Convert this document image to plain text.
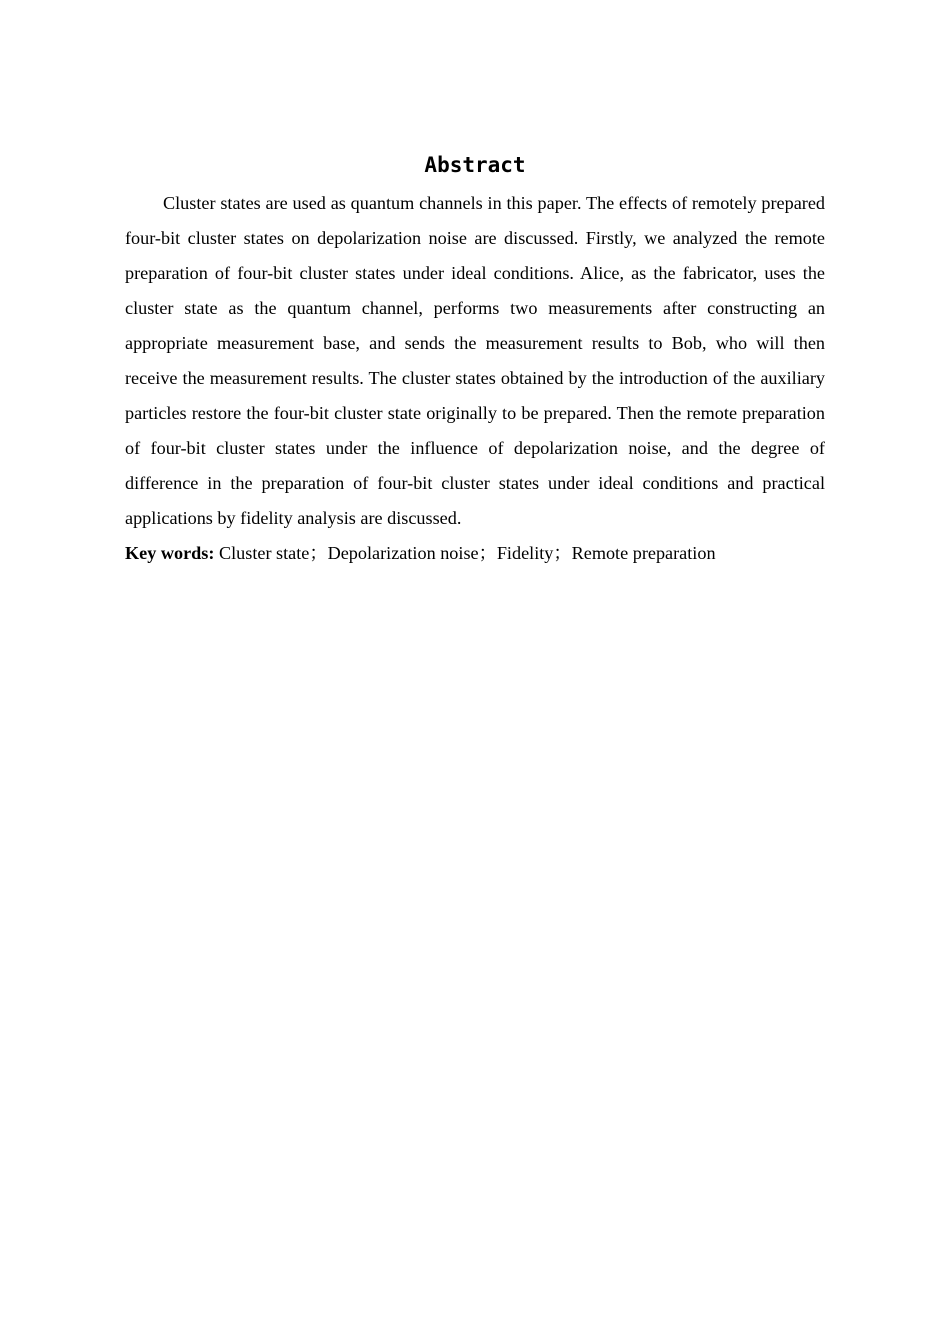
Abstract

Cluster states are used as quantum channels in this paper. The effects of remotely prepared four-bit cluster states on depolarization noise are discussed. Firstly, we analyzed the remote preparation of four-bit cluster states under ideal conditions. Alice, as the fabricator, uses the cluster state as the quantum channel, performs two measurements after constructing an appropriate measurement base, and sends the measurement results to Bob, who will then receive the measurement results. The cluster states obtained by the introduction of the auxiliary particles restore the four-bit cluster state originally to be prepared. Then the remote preparation of four-bit cluster states under the influence of depolarization noise, and the degree of difference in the preparation of four-bit cluster states under ideal conditions and practical applications by fidelity analysis are discussed.

Key words: Cluster state；Depolarization noise；Fidelity；Remote preparation
